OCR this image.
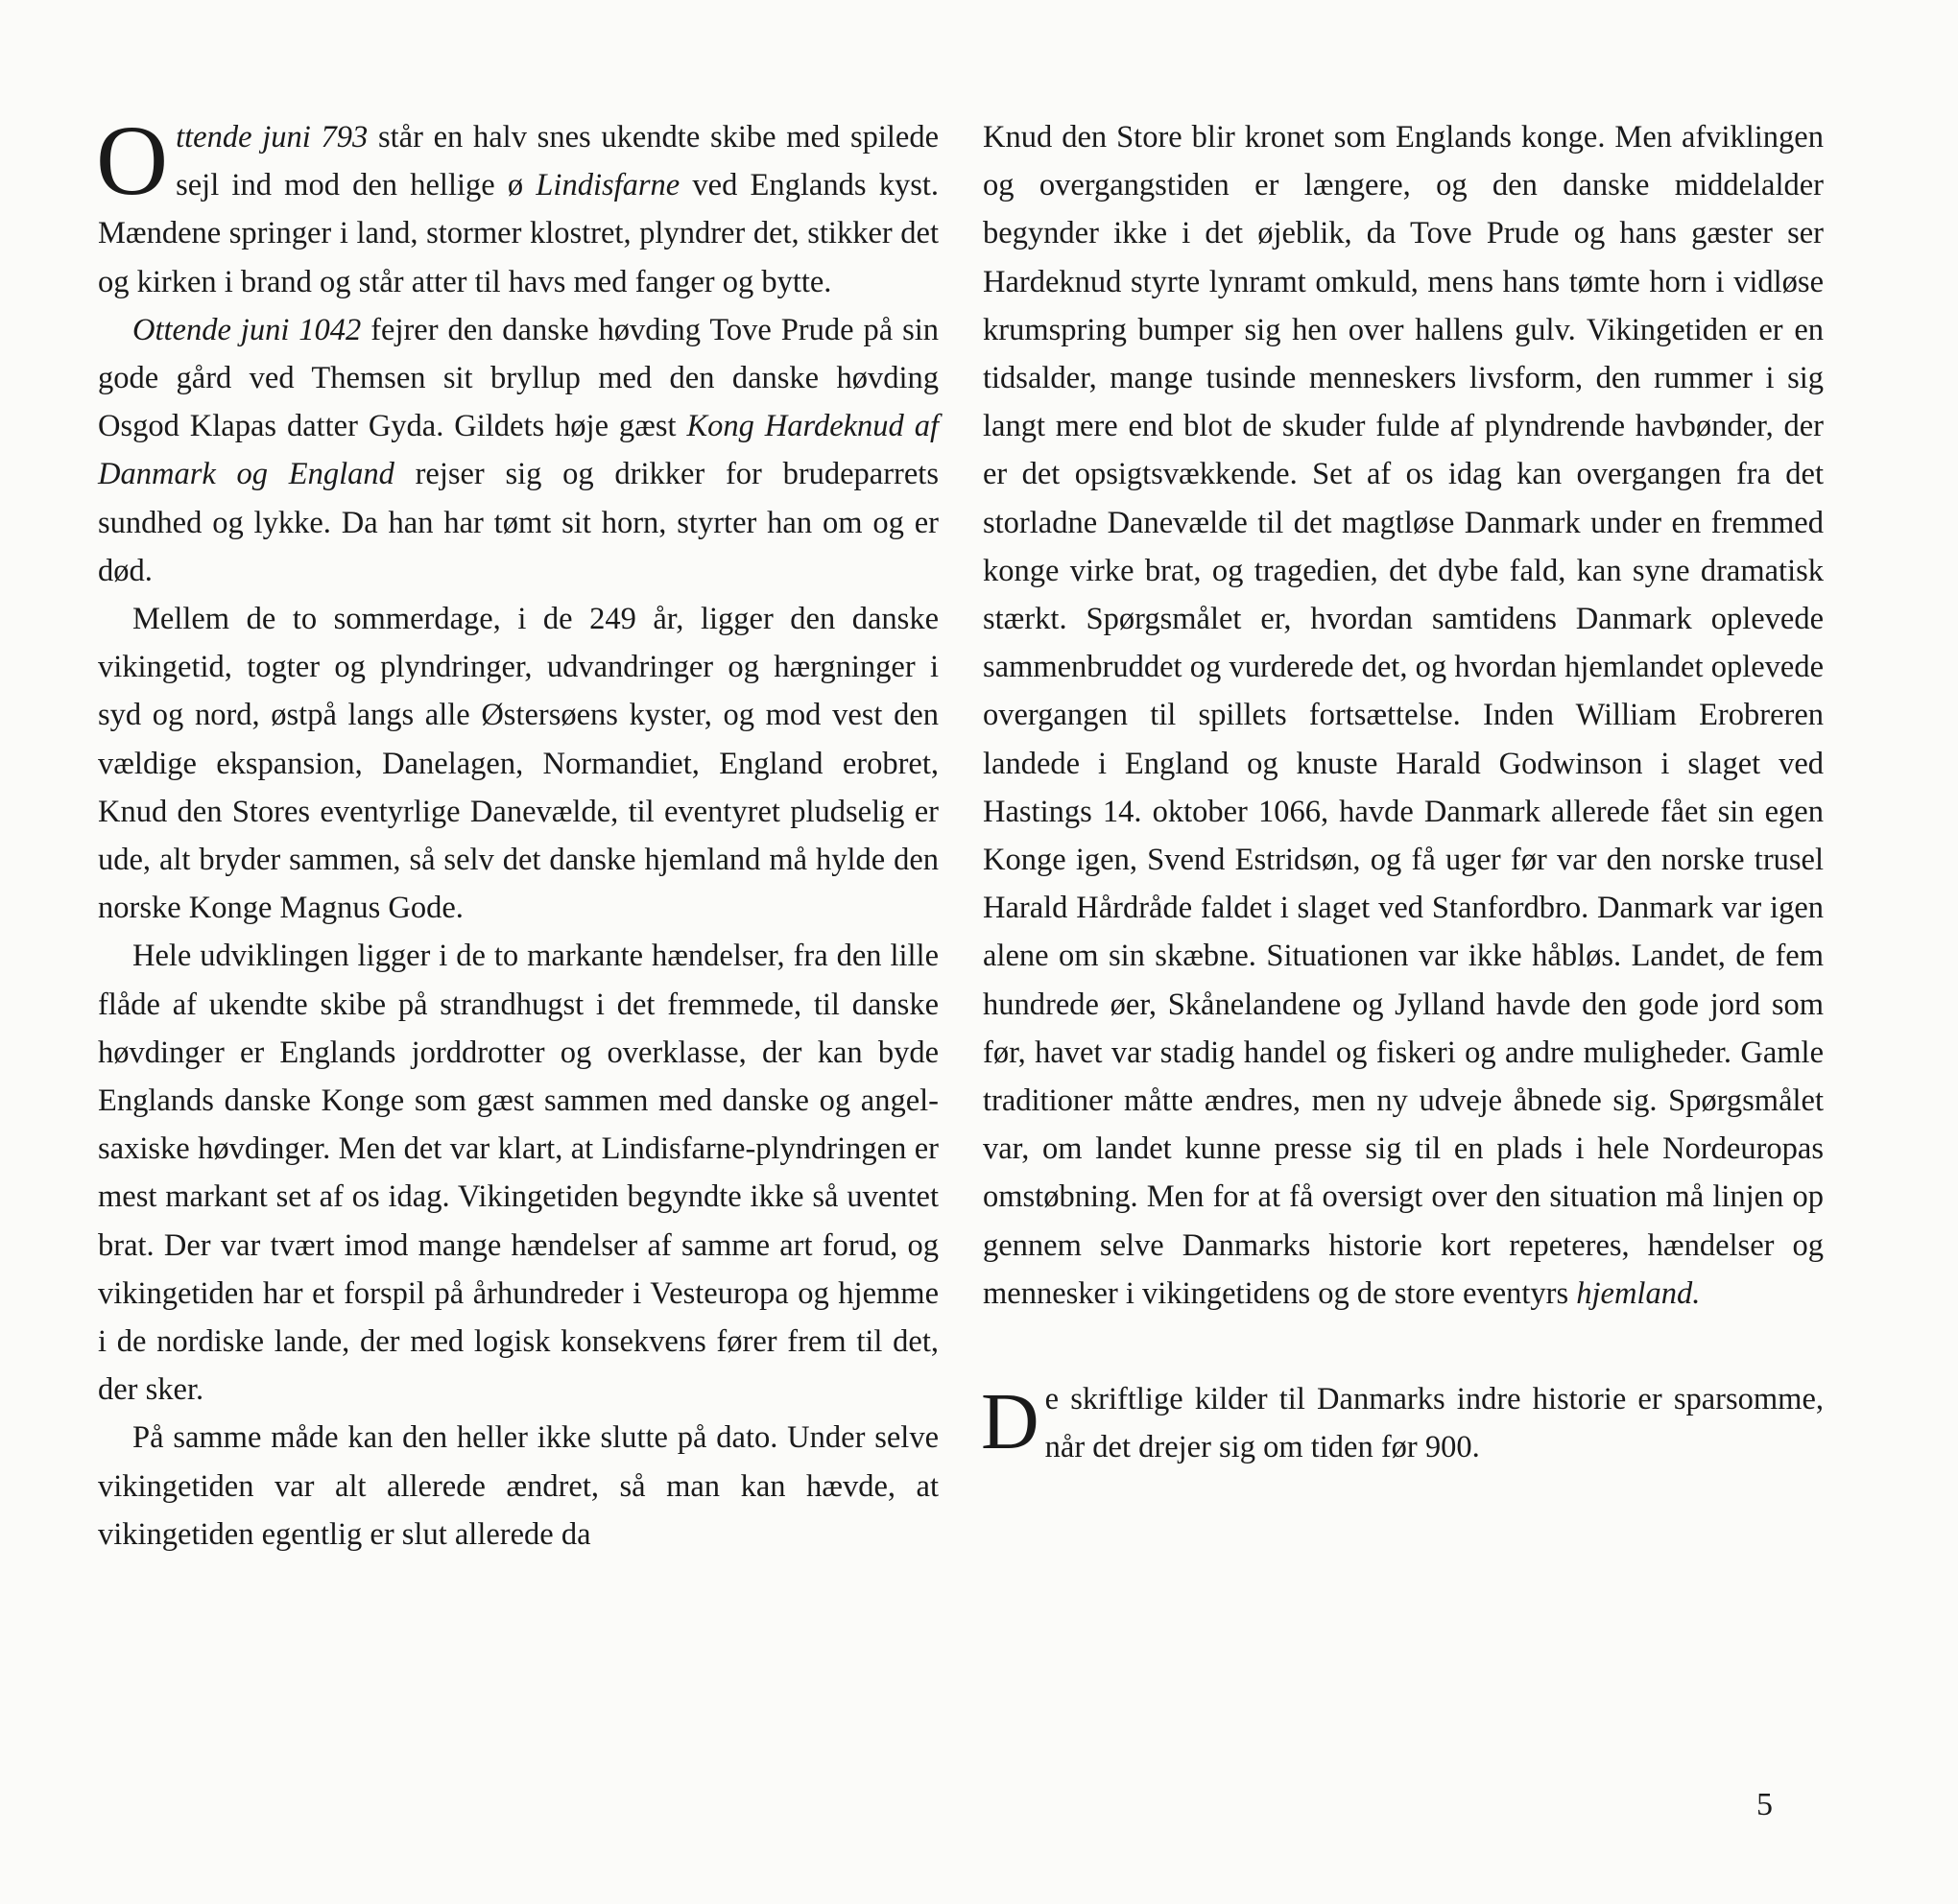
Ottende juni 793 står en halv snes ukendte skibe med spilede sejl ind mod den hellige ø Lindisfarne ved Englands kyst. Mændene springer i land, stormer klostret, plyndrer det, stikker det og kirken i brand og står atter til havs med fanger og bytte.

Ottende juni 1042 fejrer den danske høvding Tove Prude på sin gode gård ved Themsen sit bryllup med den danske høvding Osgod Klapas datter Gyda. Gildets høje gæst Kong Hardeknud af Danmark og England rejser sig og drikker for brudeparrets sundhed og lykke. Da han har tømt sit horn, styrter han om og er død.

Mellem de to sommerdage, i de 249 år, ligger den danske vikingetid, togter og plyndringer, udvandringer og hærgninger i syd og nord, østpå langs alle Østersøens kyster, og mod vest den vældige ekspansion, Danelagen, Normandiet, England erobret, Knud den Stores eventyrlige Danevælde, til eventyret pludselig er ude, alt bryder sammen, så selv det danske hjemland må hylde den norske Konge Magnus Gode.

Hele udviklingen ligger i de to markante hændelser, fra den lille flåde af ukendte skibe på strandhugst i det fremmede, til danske høvdinger er Englands jorddrotter og overklasse, der kan byde Englands danske Konge som gæst sammen med danske og angel-saxiske høvdinger. Men det var klart, at Lindisfarne-plyndringen er mest markant set af os idag. Vikingetiden begyndte ikke så uventet brat. Der var tvært imod mange hændelser af samme art forud, og vikingetiden har et forspil på århundreder i Vesteuropa og hjemme i de nordiske lande, der med logisk konsekvens fører frem til det, der sker.

På samme måde kan den heller ikke slutte på dato. Under selve vikingetiden var alt allerede ændret, så man kan hævde, at vikingetiden egentlig er slut allerede da

Knud den Store blir kronet som Englands konge. Men afviklingen og overgangstiden er længere, og den danske middelalder begynder ikke i det øjeblik, da Tove Prude og hans gæster ser Hardeknud styrte lynramt omkuld, mens hans tømte horn i vidløse krumspring bumper sig hen over hallens gulv. Vikingetiden er en tidsalder, mange tusinde menneskers livsform, den rummer i sig langt mere end blot de skuder fulde af plyndrende havbønder, der er det opsigtsvækkende. Set af os idag kan overgangen fra det storladne Danevælde til det magtløse Danmark under en fremmed konge virke brat, og tragedien, det dybe fald, kan syne dramatisk stærkt. Spørgsmålet er, hvordan samtidens Danmark oplevede sammenbruddet og vurderede det, og hvordan hjemlandet oplevede overgangen til spillets fortsættelse. Inden William Erobreren landede i England og knuste Harald Godwinson i slaget ved Hastings 14. oktober 1066, havde Danmark allerede fået sin egen Konge igen, Svend Estridsøn, og få uger før var den norske trusel Harald Hårdråde faldet i slaget ved Stanfordbro. Danmark var igen alene om sin skæbne. Situationen var ikke håbløs. Landet, de fem hundrede øer, Skånelandene og Jylland havde den gode jord som før, havet var stadig handel og fiskeri og andre muligheder. Gamle traditioner måtte ændres, men ny udveje åbnede sig. Spørgsmålet var, om landet kunne presse sig til en plads i hele Nordeuropas omstøbning. Men for at få oversigt over den situation må linjen op gennem selve Danmarks historie kort repeteres, hændelser og mennesker i vikingetidens og de store eventyrs hjemland.

De skriftlige kilder til Danmarks indre historie er sparsomme, når det drejer sig om tiden før 900.

5
